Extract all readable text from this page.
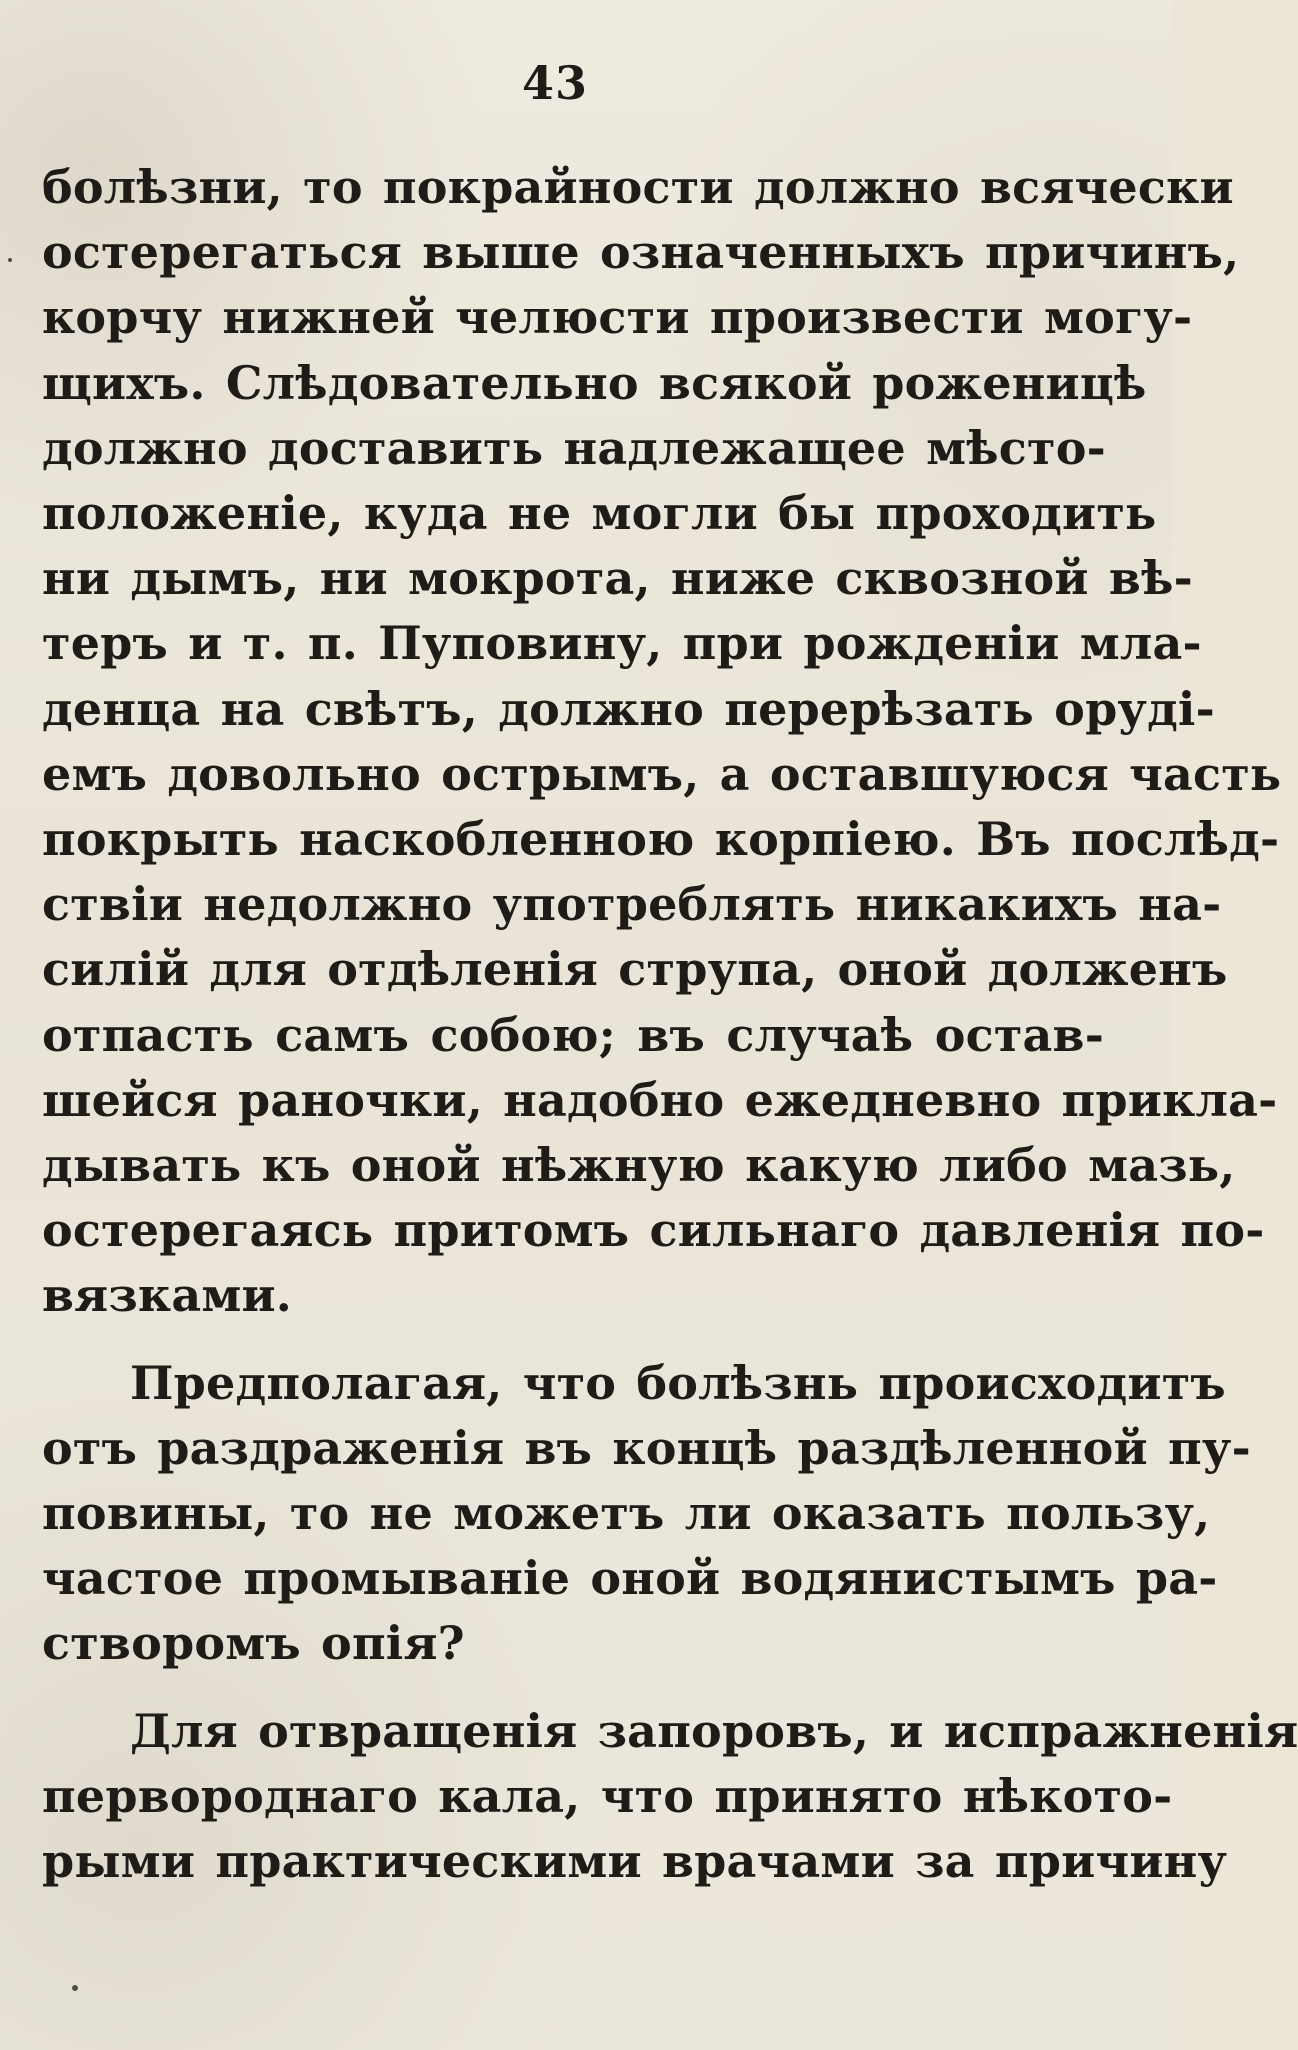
43
болѣзни, то покрайности должно всячески
остерегаться выше означенныхъ причинъ,
корчу нижней челюсти произвести могу-
щихъ. Слѣдовательно всякой роженицѣ
должно доставить надлежащее мѣсто-
положенiе, куда не могли бы проходить
ни дымъ, ни мокрота, ниже сквозной вѣ-
теръ и т. п. Пуповину, при рожденiи мла-
денца на свѣтъ, должно перерѣзать орудi-
емъ довольно острымъ, а оставшуюся часть
покрыть наскобленною корпiею. Въ послѣд-
ствiи недолжно употреблять никакихъ на-
силiй для отдѣленiя струпа, оной долженъ
отпасть самъ собою; въ случаѣ остав-
шейся раночки, надобно ежедневно прикла-
дывать къ оной нѣжную какую либо мазь,
остерегаясь притомъ сильнаго давленiя по-
вязками.
Предполагая, что болѣзнь происходитъ
отъ раздраженiя въ концѣ раздѣленной пу-
повины, то не можетъ ли оказать пользу,
частое промыванiе оной водянистымъ ра-
створомъ опiя?
Для отвращенiя запоровъ, и испражненiя
первороднаго кала, что принято нѣкото-
рыми практическими врачами за причину
